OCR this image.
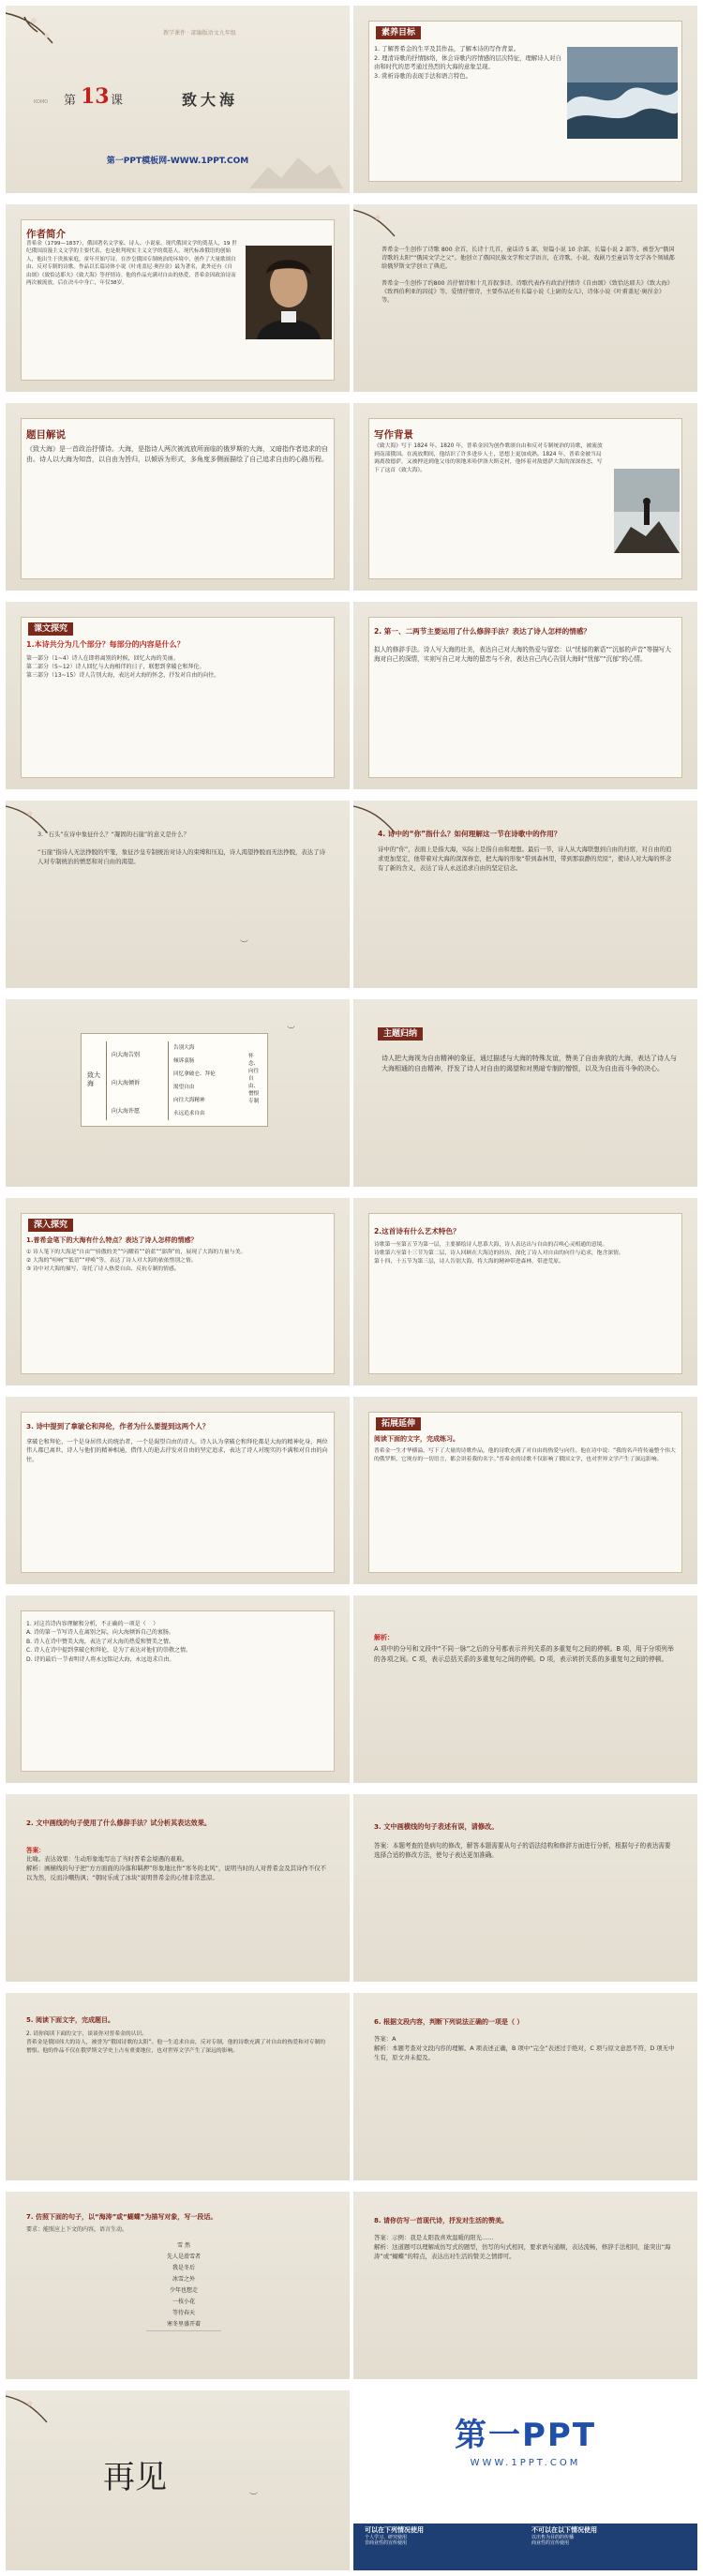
教学课件 · 部编版语文九年级
KOMO 第 13 课	致大海
第一PPT模板网-WWW.1PPT.COM
素养目标
1. 了解普希金的生平及其作品，了解本诗的写作背景。
2. 理清诗歌的抒情脉络，体会诗歌内容情感的层次特征，理解诗人对自由和时代的思考通过热烈的大海的意象呈现。
3. 赏析诗歌的表现手法和语言特色。
作者简介
普希金（1799—1837），俄国著名文学家、诗人、小说家，现代俄国文学的奠基人，19 世纪俄国浪漫主义文学的主要代表，也是批判现实主义文学的奠基人。现代标准俄语的创始人，他出生于贵族家庭，童年开始写诗，在沙皇俄国专制统治的环境中，创作了大量歌颂自由、反对专制的诗歌。作品以长篇诗体小说《叶甫盖尼·奥涅金》最为著名，此外还有《自由颂》《致恰达耶夫》《致大海》等抒情诗。他的作品充满对自由的热爱，普希金因政治诗而两次被流放，后在决斗中身亡，年仅38岁。
普希金一生创作了诗歌 800 余首，长诗十几首，童话诗 5 部，短篇小说 10 余部，长篇小说 2 部等，被誉为“俄国诗歌的太阳”“俄国文学之父”。他创立了俄国民族文学和文学语言，在诗歌、小说、戏剧乃至童话等文学各个领域都给俄罗斯文学创立了典范。

普希金一生创作了约800 首抒情诗和十几首叙事诗。诗歌代表作有政治抒情诗《自由颂》《致恰达耶夫》《致大海》《致西伯利亚的囚徒》等，爱情抒情诗，主要作品还有长篇小说《上尉的女儿》，诗体小说《叶甫盖尼·奥涅金》等。
题目解说
《致大海》是一首政治抒情诗。大海，是指诗人两次被流放所面临的俄罗斯的大海，又暗指作者追求的自由。诗人以大海为知音，以自由为旨归，以倾诉为形式，多角度多侧面描绘了自己追求自由的心路历程。
写作背景
《致大海》写于 1824 年。1820 年，普希金因为创作歌颂自由和反对专制统治的诗歌，被流放到南部俄国。在流放期间，他结识了许多进步人士，思想上更加成熟。1824 年，普希金被当局调离敖德萨，又被押送到他父母的领地米哈伊洛夫斯克村，他怀着对敖德萨大海的深深眷恋，写下了这首《致大海》。
课文探究
1.本诗共分为几个部分？每部分的内容是什么？
第一部分（1~4）诗人在即将离别的时候，回忆大海的美丽。
第二部分（5~12）诗人回忆与大海相伴的日子，联想到拿破仑和拜伦。
第三部分（13~15）诗人告别大海，表达对大海的怀念，抒发对自由的向往。
2. 第一、二两节主要运用了什么修辞手法？表达了诗人怎样的情感？
拟人的修辞手法。诗人写大海的壮美，表达自己对大海的热爱与留恋：以“忧郁的絮语”“沉郁的声音”等描写大海对自己的深情，实则写自己对大海的留恋与不舍，表达自己内心告别大海时“忧郁”“沉郁”的心情。
3. “石头”在诗中象征什么？“凝固的石崖”的意义是什么？

“石崖”指诗人无法挣脱的牢笼，象征沙皇专制统治对诗人的束缚和压迫，诗人渴望挣脱而无法挣脱，表达了诗人对专制统治的憎恶和对自由的渴望。
︶
4. 诗中的“你”指什么？如何理解这一节在诗歌中的作用？
诗中的“你”，表面上是指大海，实际上是指自由和理想。最后一节，诗人从大海联想到自由的归宿，对自由的追求更加坚定，他带着对大海的深深眷恋，把大海的形象“带到森林里，带到那寂静的荒原”，使诗人对大海的怀念有了新的含义，表达了诗人永远追求自由的坚定信念。
致大海
向大海告别
向大海倾诉
向大海许愿
告别大海
倾诉衷肠
回忆拿破仑、拜伦
渴望自由
向往大海精神
永远追求自由
怀念、向往自由、憎恨专制
︶	主题归纳
诗人把大海视为自由精神的象征，通过描述与大海的特殊友谊，赞美了自由奔放的大海，表达了诗人与大海相通的自由精神，抒发了诗人对自由的渴望和对黑暗专制的憎恨，以及为自由而斗争的决心。
深入探究
1.普希金笔下的大海有什么特点？表达了诗人怎样的情感？
① 诗人笔下的大海是“自由”“骄傲的美”“闪耀着”“蔚蓝”“澎湃”的，展现了大海的力量与美。
② 大海的“喧响”“低语”“呼唤”等，表达了诗人对大海的依依惜别之情。
③ 诗中对大海的描写，寄托了诗人热爱自由、反抗专制的情感。
2.这首诗有什么艺术特色？
诗歌第一至第五节为第一层，主要描绘诗人思慕大海，诗人表达出与自由的召唤心灵相通的意境。
诗歌第六至第十三节为第二层，诗人回顾在大海边的经历，深化了诗人对自由的向往与追求，饱含深情。
第十四、十五节为第三层，诗人告别大海，将大海的精神带进森林，带进荒原。
3. 诗中提到了拿破仑和拜伦，作者为什么要提到这两个人？
拿破仑和拜伦，一个是身居伟大的统治者，一个是渴望自由的诗人。诗人认为拿破仑和拜伦都是大海的精神化身，两位伟人都已离世，诗人与他们的精神相通，借伟人的逝去抒发对自由的坚定追求，表达了诗人对现实的不满和对自由的向往。
拓展延伸
阅读下面的文字，完成练习。
普希金一生才华横溢，写下了大量的诗歌作品，他的诗歌充满了对自由的热爱与向往。他在诗中说：“我的名声将传遍整个伟大的俄罗斯，它现存的一切语言，都会讲着我的名字。”普希金的诗歌不仅影响了俄国文学，也对世界文学产生了深远影响。
1. 对这首诗内容理解和分析，不正确的一项是（    ）
A. 诗的第一节写诗人在离别之际，向大海倾诉自己的衷肠。
B. 诗人在诗中赞美大海，表达了对大海的热爱和赞美之情。
C. 诗人在诗中提到拿破仑和拜伦，是为了表达对他们的崇敬之情。
D. 诗的最后一节表明诗人将永远铭记大海，永远追求自由。
解析：
A 项中的分号和文段中“不同一脉”之后的分号都表示并列关系的多重复句之间的停顿。B 项，用于分项列举的各项之间。C 项，表示总括关系的多重复句之间的停顿。D 项，表示转折关系的多重复句之间的停顿。
2. 文中画线的句子使用了什么修辞手法？试分析其表达效果。
答案：
比喻。表达效果：生动形象地写出了当时普希金境遇的艰难。
解析：画横线的句子把“方方面面的冷落和羁押”形象地比作“寒冬的北风”，说明当时的人对普希金及其诗作不仅不以为然，反而冷嘲热讽；“朝时乐成了冰块”说明普希金的心情非常悲凉。
3. 文中画横线的句子表述有误，请修改。
答案：本题考查的是病句的修改，解答本题需要从句子的语法结构和修辞方面进行分析，根据句子的表达需要选择合适的修改方法，使句子表达更加准确。
5. 阅读下面文字，完成题目。
2. 请你阅读下面的文字，谈谈你对普希金的认识。
普希金是俄国伟大的诗人，被誉为“俄国诗歌的太阳”。他一生追求自由，反对专制，他的诗歌充满了对自由的热爱和对专制的憎恨。他的作品不仅在俄罗斯文学史上占有重要地位，也对世界文学产生了深远的影响。
6. 根据文段内容，判断下列说法正确的一项是（ ）
答案：A
解析：本题考查对文段内容的理解。A 项表述正确，B 项中“完全”表述过于绝对，C 项与原文意思不符，D 项无中生有，原文并未提及。
7. 仿照下面的句子，以“海涛”或“蝴蝶”为描写对象，写一段话。
要求：能照应上下文的内容，语言生动。
雪 然
先人是滑雪者
我是冬后
冰雪之外
少年也想走
一枝小花
等待春天
寒冬里盛开着
8. 请你仿写一首现代诗，抒发对生活的赞美。
答案：示例：我是太阳我喜欢温暖的阳光……
解析：这道题可以理解成仿写式的题型，仿写的句式相同，要求语句通顺，表达流畅，修辞手法相同，能突出“海涛”或“蝴蝶”的特点，表达出对生活的赞美之情即可。
再见
︶
第一PPT
WWW.1PPT.COM
可以在下列情况使用
个人学习、研究使用
非商业性的宣传使用
不可以在以下情况使用
以出售为目的的传播
商业性的宣传使用
